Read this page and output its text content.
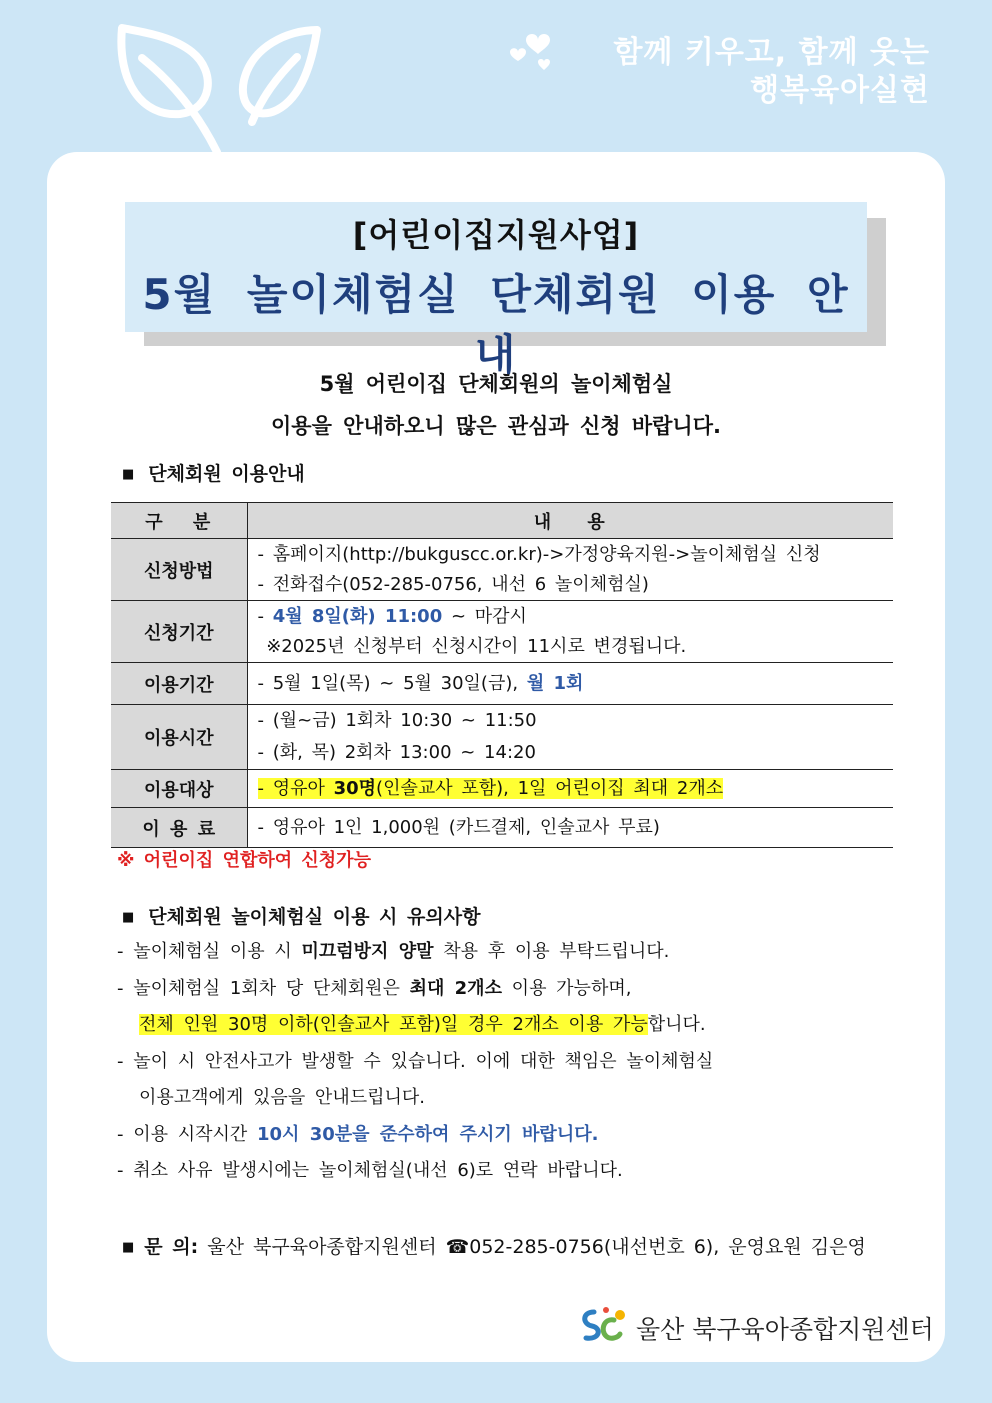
함께 키우고, 함께 웃는
행복육아실현
[어린이집지원사업]
5월 놀이체험실 단체회원 이용 안내
5월 어린이집 단체회원의 놀이체험실
이용을 안내하오니 많은 관심과 신청 바랍니다.
■ 단체회원 이용안내
구 분	내 용
신청방법	- 홈페이지(http://bukguscc.or.kr)->가정양육지원->놀이체험실 신청
- 전화접수(052-285-0756, 내선 6 놀이체험실)

신청기간	- 4월 8일(화) 11:00 ~ 마감시
※2025년 신청부터 신청시간이 11시로 변경됩니다.

이용기간	- 5월 1일(목) ~ 5월 30일(금), 월 1회
이용시간	- (월~금) 1회차 10:30 ~ 11:50
- (화, 목) 2회차 13:00 ~ 14:20

이용대상	- 영유아 30명(인솔교사 포함), 1일 어린이집 최대 2개소
이 용 료	- 영유아 1인 1,000원 (카드결제, 인솔교사 무료)
※ 어린이집 연합하여 신청가능
■ 단체회원 놀이체험실 이용 시 유의사항
- 놀이체험실 이용 시 미끄럼방지 양말 착용 후 이용 부탁드립니다.
- 놀이체험실 1회차 당 단체회원은 최대 2개소 이용 가능하며,
전체 인원 30명 이하(인솔교사 포함)일 경우 2개소 이용 가능합니다.
- 놀이 시 안전사고가 발생할 수 있습니다. 이에 대한 책임은 놀이체험실
이용고객에게 있음을 안내드립니다.
- 이용 시작시간 10시 30분을 준수하여 주시기 바랍니다.
- 취소 사유 발생시에는 놀이체험실(내선 6)로 연락 바랍니다.
■ 문 의: 울산 북구육아종합지원센터 ☎052-285-0756(내선번호 6), 운영요원 김은영
울산 북구육아종합지원센터
